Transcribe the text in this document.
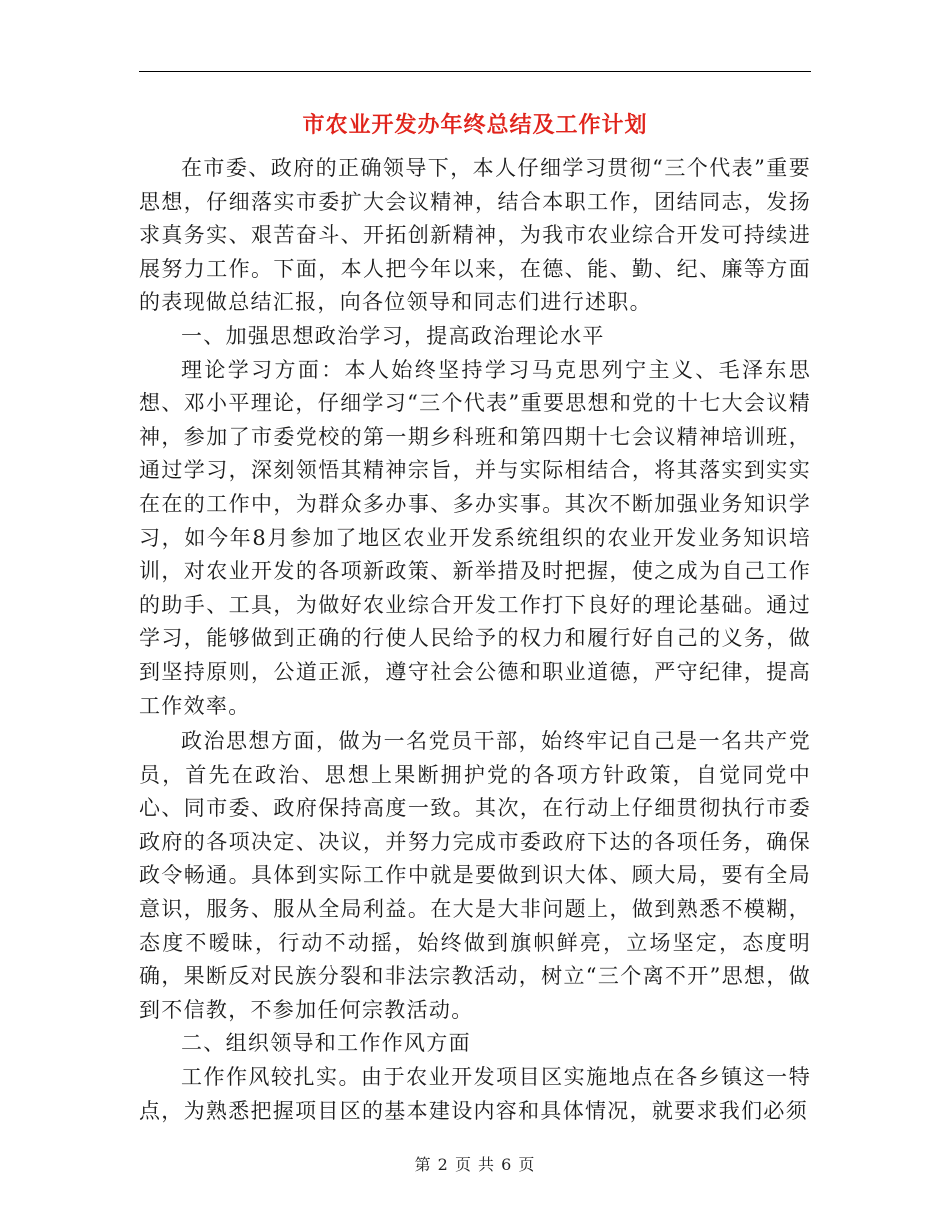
市农业开发办年终总结及工作计划

在市委、政府的正确领导下，本人仔细学习贯彻“三个代表”重要思想，仔细落实市委扩大会议精神，结合本职工作，团结同志，发扬求真务实、艰苦奋斗、开拓创新精神，为我市农业综合开发可持续进展努力工作。下面，本人把今年以来，在德、能、勤、纪、廉等方面的表现做总结汇报，向各位领导和同志们进行述职。

一、加强思想政治学习，提高政治理论水平

理论学习方面：本人始终坚持学习马克思列宁主义、毛泽东思想、邓小平理论，仔细学习“三个代表”重要思想和党的十七大会议精神，参加了市委党校的第一期乡科班和第四期十七会议精神培训班，通过学习，深刻领悟其精神宗旨，并与实际相结合，将其落实到实实在在的工作中，为群众多办事、多办实事。其次不断加强业务知识学习，如今年8月参加了地区农业开发系统组织的农业开发业务知识培训，对农业开发的各项新政策、新举措及时把握，使之成为自己工作的助手、工具，为做好农业综合开发工作打下良好的理论基础。通过学习，能够做到正确的行使人民给予的权力和履行好自己的义务，做到坚持原则，公道正派，遵守社会公德和职业道德，严守纪律，提高工作效率。

政治思想方面，做为一名党员干部，始终牢记自己是一名共产党员，首先在政治、思想上果断拥护党的各项方针政策，自觉同党中心、同市委、政府保持高度一致。其次，在行动上仔细贯彻执行市委政府的各项决定、决议，并努力完成市委政府下达的各项任务，确保政令畅通。具体到实际工作中就是要做到识大体、顾大局，要有全局意识，服务、服从全局利益。在大是大非问题上，做到熟悉不模糊，态度不暧昧，行动不动摇，始终做到旗帜鲜亮，立场坚定，态度明确，果断反对民族分裂和非法宗教活动，树立“三个离不开”思想，做到不信教，不参加任何宗教活动。

二、组织领导和工作作风方面

工作作风较扎实。由于农业开发项目区实施地点在各乡镇这一特点，为熟悉把握项目区的基本建设内容和具体情况，就要求我们必须

第 2 页 共 6 页
